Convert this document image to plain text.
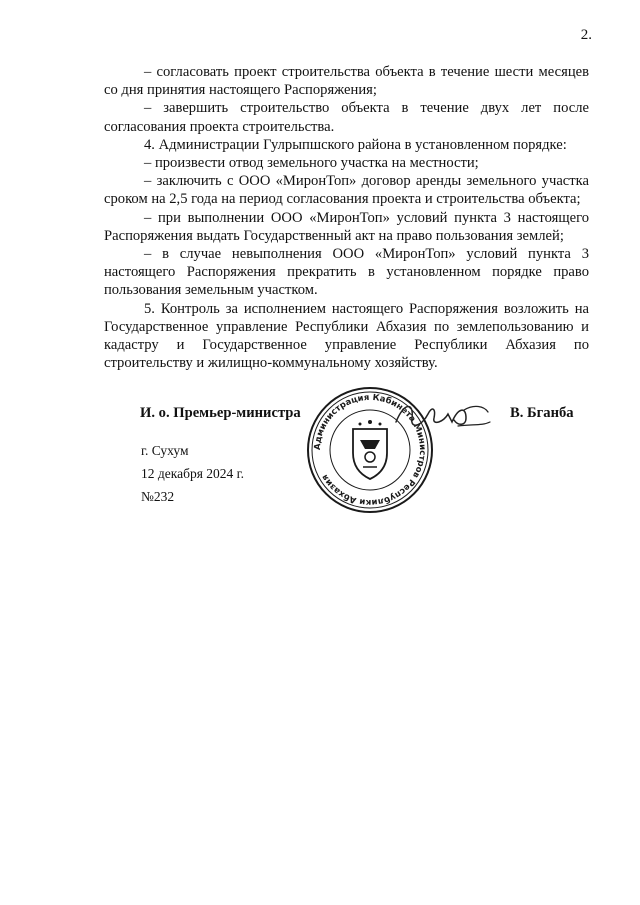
2.

– согласовать проект строительства объекта в течение шести месяцев со дня принятия настоящего Распоряжения;

– завершить строительство объекта в течение двух лет после согласования проекта строительства.

4. Администрации Гулрыпшского района в установленном порядке:

– произвести отвод земельного участка на местности;

– заключить с ООО «МиронТоп» договор аренды земельного участка сроком на 2,5 года на период согласования проекта и строительства объекта;

– при выполнении ООО «МиронТоп» условий пункта 3 настоящего Распоряжения выдать Государственный акт на право пользования землей;

– в случае невыполнения ООО «МиронТоп» условий пункта 3 настоящего Распоряжения прекратить в установленном порядке право пользования земельным участком.

5. Контроль за исполнением настоящего Распоряжения возложить на Государственное управление Республики Абхазия по землепользованию и кадастру и Государственное управление Республики Абхазия по строительству и жилищно-коммунальному хозяйству.

И. о. Премьер-министра
Администрация Кабинета Министров Республики Абхазия
В. Бганба
г. Сухум
12 декабря 2024 г.
№232
